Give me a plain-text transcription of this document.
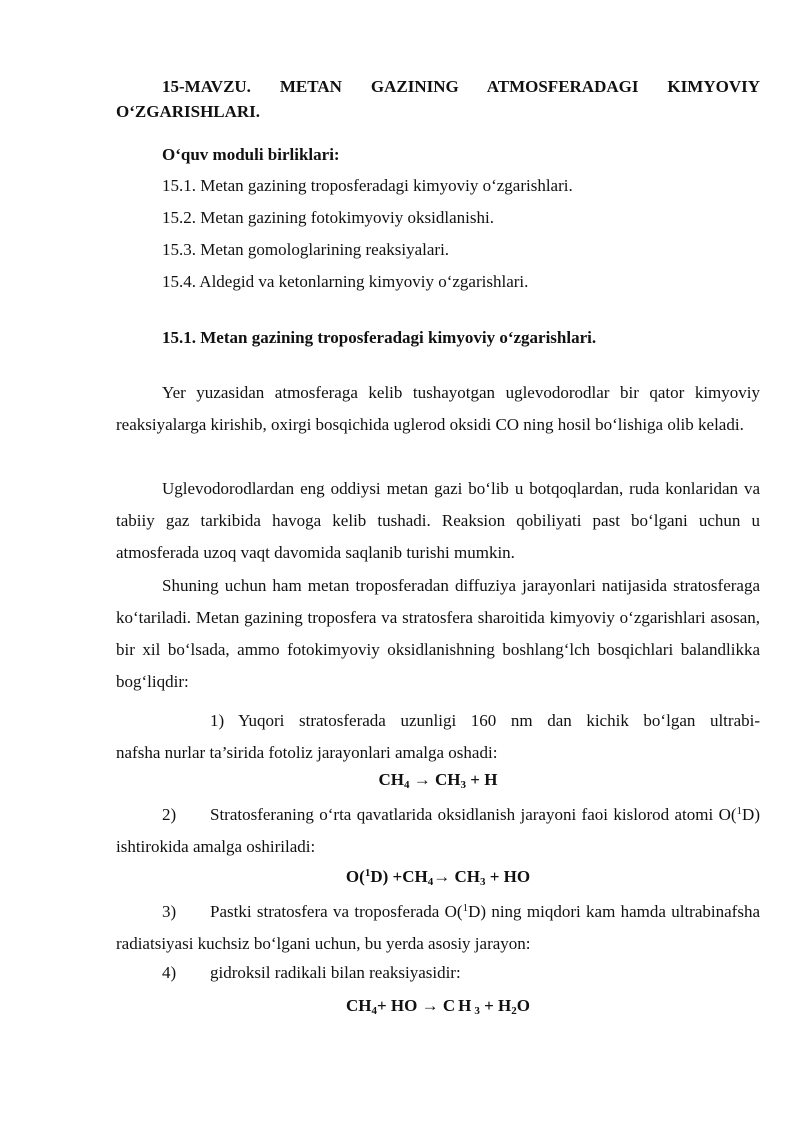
15-MAVZU. METAN GAZINING ATMOSFERADAGI KIMYOVIY
O‘ZGARISHLARI.
O‘quv moduli birliklari:
15.1. Metan gazining troposferadagi kimyoviy o‘zgarishlari.
15.2. Metan gazining fotokimyoviy oksidlanishi.
15.3. Metan gomologlarining reaksiyalari.
15.4. Aldegid va ketonlarning kimyoviy o‘zgarishlari.
15.1. Metan gazining troposferadagi kimyoviy o‘zgarishlari.
Yer yuzasidan atmosferaga kelib tushayotgan uglevodorodlar bir qator kimyoviy reaksiyalarga kirishib, oxirgi bosqichida uglerod oksidi CO ning hosil bo‘lishiga olib keladi.
Uglevodorodlardan eng oddiysi metan gazi bo‘lib u botqoqlardan, ruda konlaridan va tabiiy gaz tarkibida havoga kelib tushadi. Reaksion qobiliyati past bo‘lgani uchun u atmosferada uzoq vaqt davomida saqlanib turishi mumkin.
Shuning uchun ham metan troposferadan diffuziya jarayonlari natijasida stratosferaga ko‘tariladi. Metan gazining troposfera va stratosfera sharoitida kimyoviy o‘zgarishlari asosan, bir xil bo‘lsada, ammo fotokimyoviy oksidlanishning boshlang‘lch bosqichlari balandlikka bog‘liqdir:
1) Yuqori stratosferada uzunligi 160 nm dan kichik bo‘lgan ultrabi-
nafsha nurlar ta’sirida fotoliz jarayonlari amalga oshadi:
$CH_4 \to CH_3 + H$
2) Stratosferaning o‘rta qavatlarida oksidlanish jarayoni faoi kislorod atomi O($^1$D) ishtirokida amalga oshiriladi:
$O(^1D) +CH_4\to CH_3$ + HO
3) Pastki stratosfera va troposferada O($^1$D) ning miqdori kam hamda ultrabinafsha radiatsiyasi kuchsiz bo‘lgani uchun, bu yerda asosiy jarayon:
4) gidroksil radikali bilan reaksiyasidir:
$CH_4+$ HO → $CH_3 + H_2O$
